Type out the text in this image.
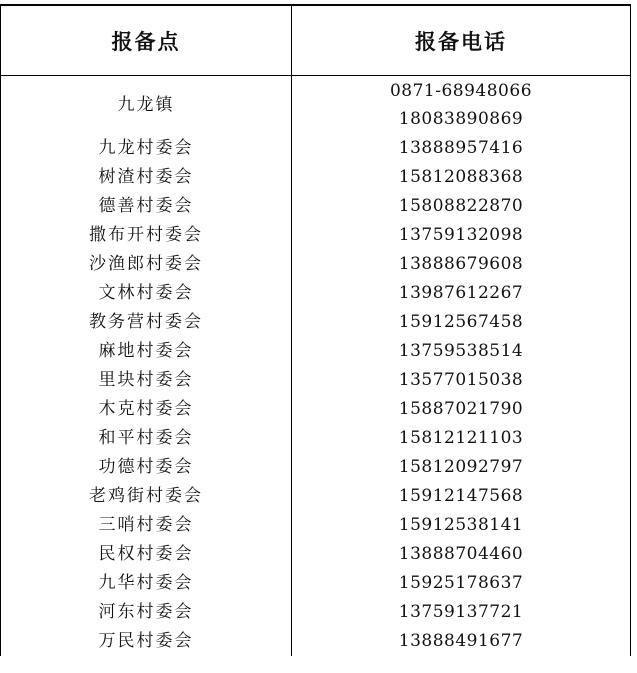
报备点	报备电话
九龙镇	0871-68948066
18083890869

九龙村委会	13888957416
树渣村委会	15812088368
德善村委会	15808822870
撒布开村委会	13759132098
沙渔郎村委会	13888679608
文林村委会	13987612267
教务营村委会	15912567458
麻地村委会	13759538514
里块村委会	13577015038
木克村委会	15887021790
和平村委会	15812121103
功德村委会	15812092797
老鸡街村委会	15912147568
三哨村委会	15912538141
民权村委会	13888704460
九华村委会	15925178637
河东村委会	13759137721
万民村委会	13888491677
